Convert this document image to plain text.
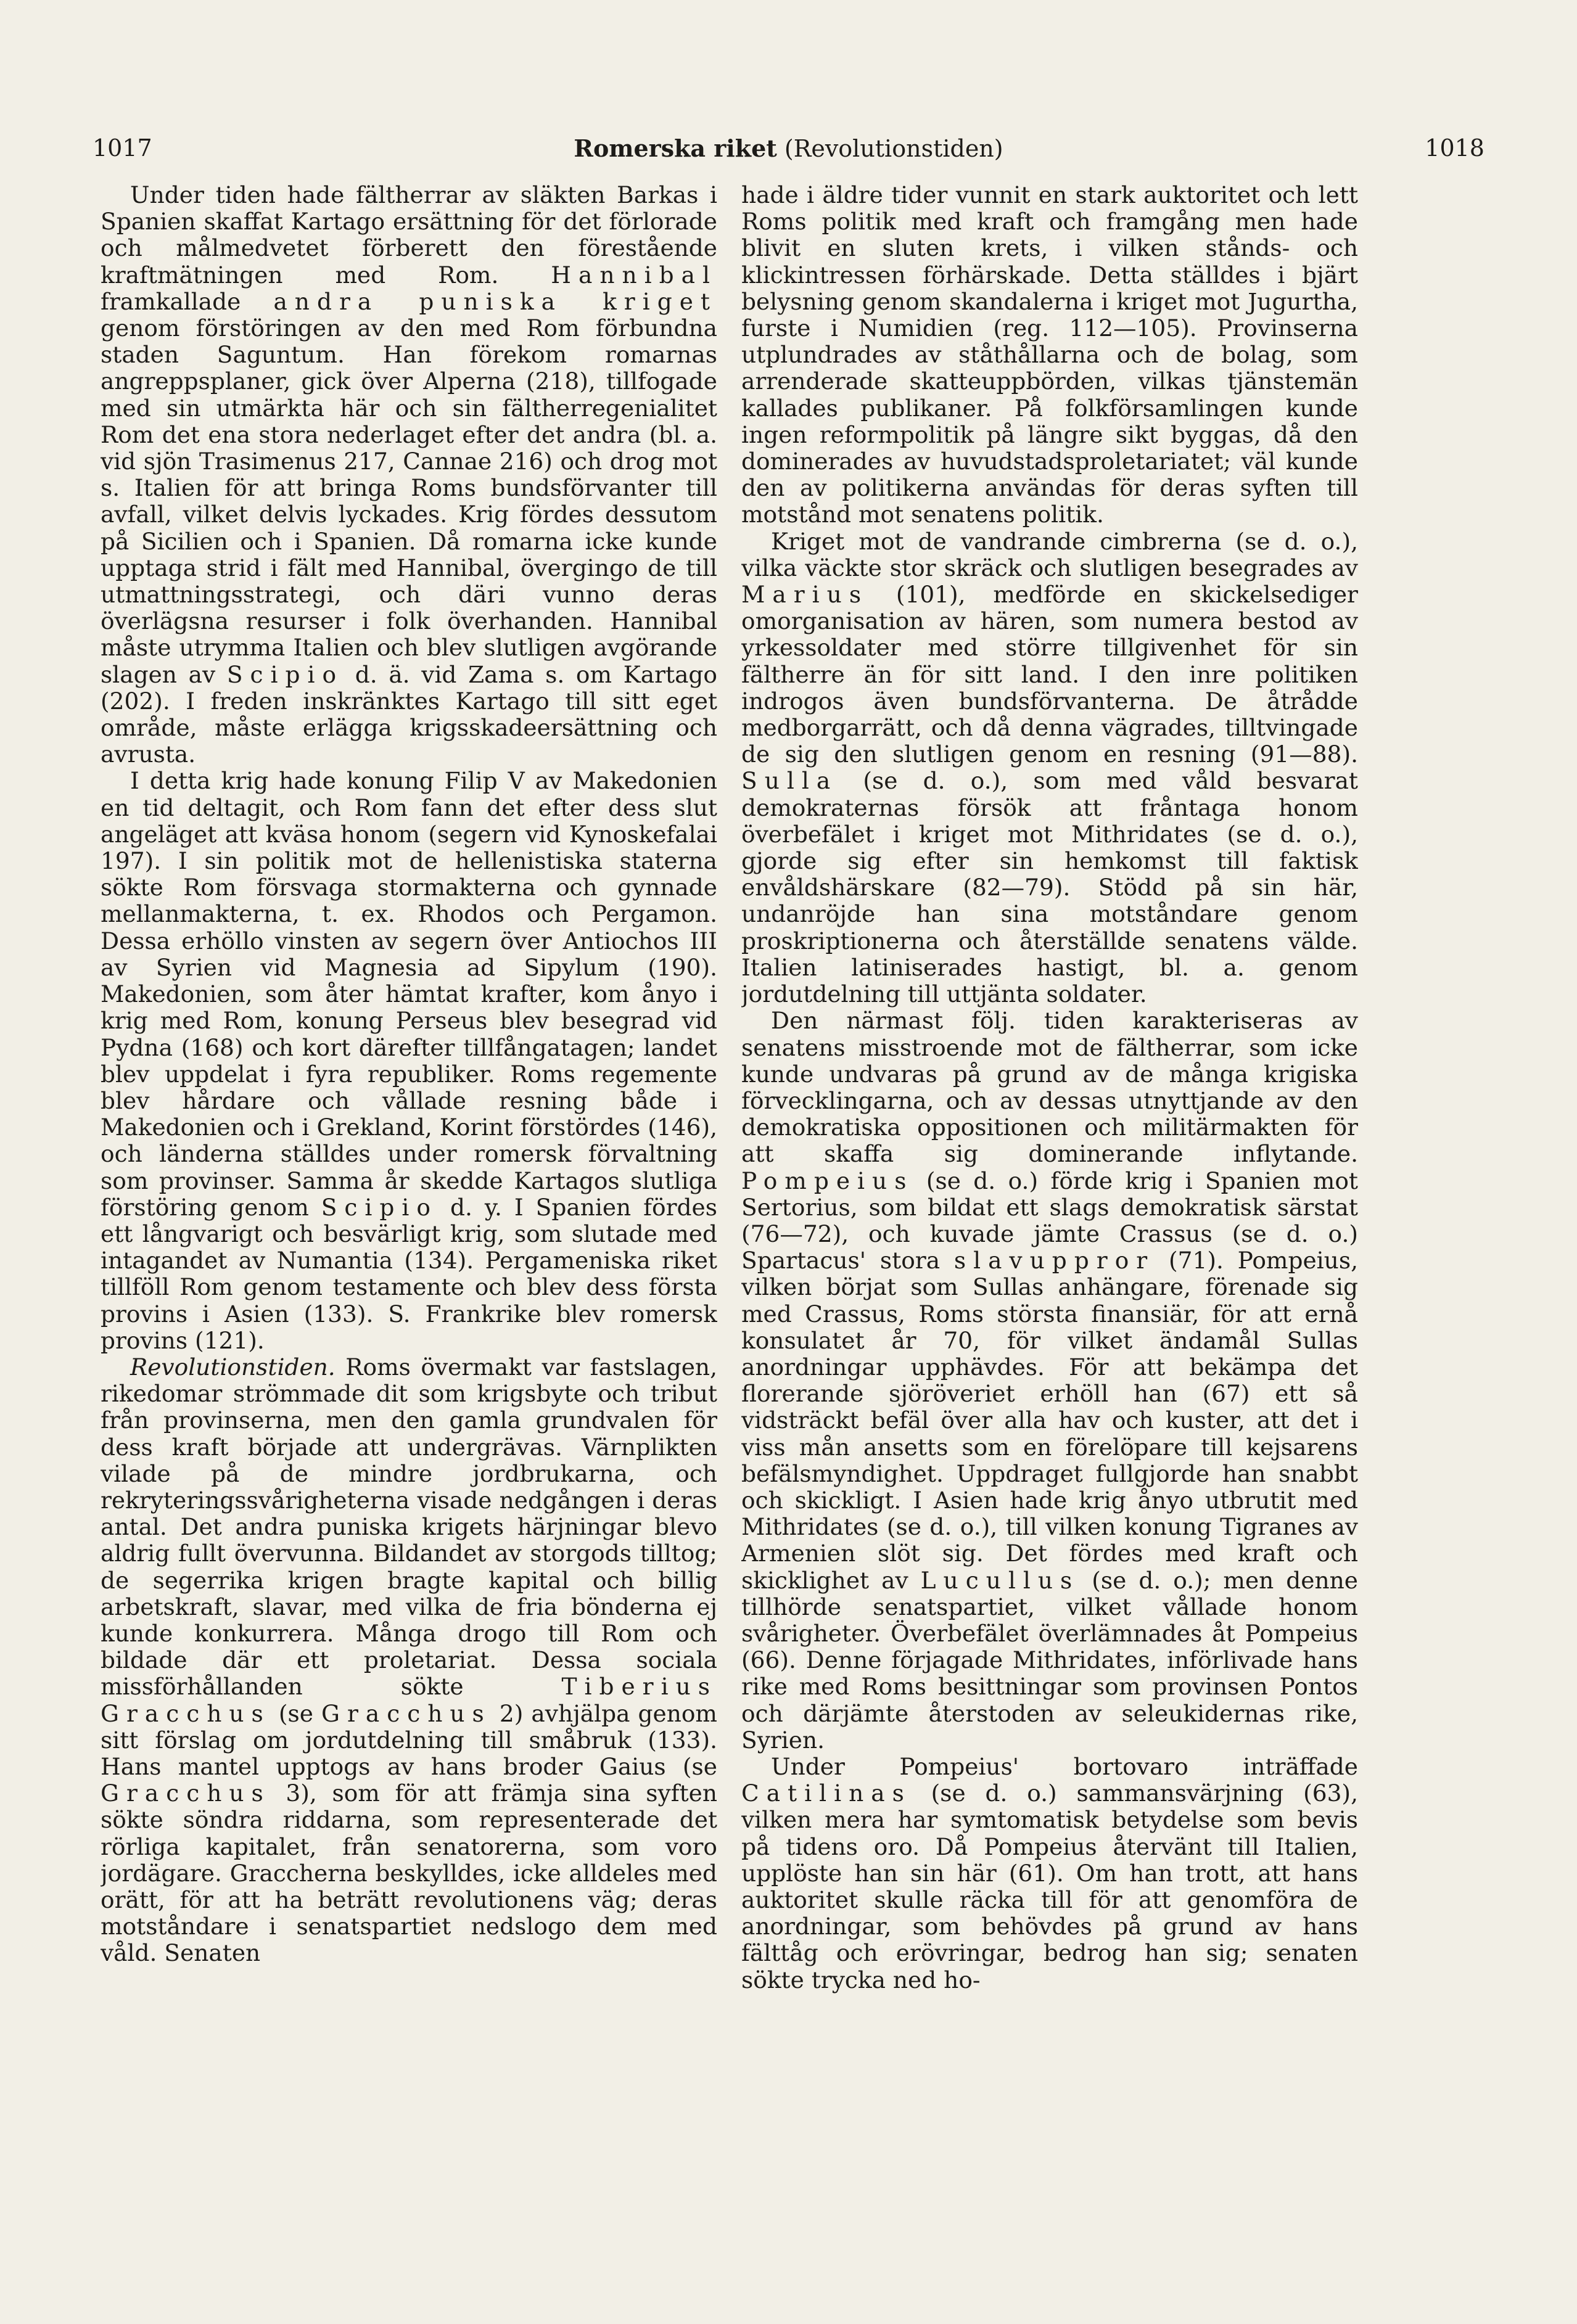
1017	Romerska riket (Revolutionstiden)	1018

Under tiden hade fältherrar av släkten Barkas i Spanien skaffat Kartago ersättning för det förlorade och målmedvetet förberett den förestående kraftmätningen med Rom. Hannibal framkallade andra puniska kriget genom förstöringen av den med Rom förbundna staden Saguntum. Han förekom romarnas angreppsplaner, gick över Alperna (218), tillfogade med sin utmärkta här och sin fältherregenialitet Rom det ena stora nederlaget efter det andra (bl. a. vid sjön Trasimenus 217, Cannae 216) och drog mot s. Italien för att bringa Roms bundsförvanter till avfall, vilket delvis lyckades. Krig fördes dessutom på Sicilien och i Spanien. Då romarna icke kunde upptaga strid i fält med Hannibal, övergingo de till utmattningsstrategi, och däri vunno deras överlägsna resurser i folk överhanden. Hannibal måste utrymma Italien och blev slutligen avgörande slagen av Scipio d. ä. vid Zama s. om Kartago (202). I freden inskränktes Kartago till sitt eget område, måste erlägga krigsskadeersättning och avrusta.

I detta krig hade konung Filip V av Makedonien en tid deltagit, och Rom fann det efter dess slut angeläget att kväsa honom (segern vid Kynoskefalai 197). I sin politik mot de hellenistiska staterna sökte Rom försvaga stormakterna och gynnade mellanmakterna, t. ex. Rhodos och Pergamon. Dessa erhöllo vinsten av segern över Antiochos III av Syrien vid Magnesia ad Sipylum (190). Makedonien, som åter hämtat krafter, kom ånyo i krig med Rom, konung Perseus blev besegrad vid Pydna (168) och kort därefter tillfångatagen; landet blev uppdelat i fyra republiker. Roms regemente blev hårdare och vållade resning både i Makedonien och i Grekland, Korint förstördes (146), och länderna ställdes under romersk förvaltning som provinser. Samma år skedde Kartagos slutliga förstöring genom Scipio d. y. I Spanien fördes ett långvarigt och besvärligt krig, som slutade med intagandet av Numantia (134). Pergameniska riket tillföll Rom genom testamente och blev dess första provins i Asien (133). S. Frankrike blev romersk provins (121).

Revolutionstiden. Roms övermakt var fastslagen, rikedomar strömmade dit som krigsbyte och tribut från provinserna, men den gamla grundvalen för dess kraft började att undergrävas. Värnplikten vilade på de mindre jordbrukarna, och rekryteringssvårigheterna visade nedgången i deras antal. Det andra puniska krigets härjningar blevo aldrig fullt övervunna. Bildandet av storgods tilltog; de segerrika krigen bragte kapital och billig arbetskraft, slavar, med vilka de fria bönderna ej kunde konkurrera. Många drogo till Rom och bildade där ett proletariat. Dessa sociala missförhållanden sökte Tiberius Gracchus (se Gracchus 2) avhjälpa genom sitt förslag om jordutdelning till småbruk (133). Hans mantel upptogs av hans broder Gaius (se Gracchus 3), som för att främja sina syften sökte söndra riddarna, som representerade det rörliga kapitalet, från senatorerna, som voro jordägare. Graccherna beskylldes, icke alldeles med orätt, för att ha beträtt revolutionens väg; deras motståndare i senatspartiet nedslogo dem med våld. Senaten

hade i äldre tider vunnit en stark auktoritet och lett Roms politik med kraft och framgång men hade blivit en sluten krets, i vilken stånds- och klickintressen förhärskade. Detta ställdes i bjärt belysning genom skandalerna i kriget mot Jugurtha, furste i Numidien (reg. 112—105). Provinserna utplundrades av ståthållarna och de bolag, som arrenderade skatteuppbörden, vilkas tjänstemän kallades publikaner. På folkförsamlingen kunde ingen reformpolitik på längre sikt byggas, då den dominerades av huvudstadsproletariatet; väl kunde den av politikerna användas för deras syften till motstånd mot senatens politik.

Kriget mot de vandrande cimbrerna (se d. o.), vilka väckte stor skräck och slutligen besegrades av Marius (101), medförde en skickelsediger omorganisation av hären, som numera bestod av yrkessoldater med större tillgivenhet för sin fältherre än för sitt land. I den inre politiken indrogos även bundsförvanterna. De åtrådde medborgarrätt, och då denna vägrades, tilltvingade de sig den slutligen genom en resning (91—88). Sulla (se d. o.), som med våld besvarat demokraternas försök att fråntaga honom överbefälet i kriget mot Mithridates (se d. o.), gjorde sig efter sin hemkomst till faktisk envåldshärskare (82—79). Stödd på sin här, undanröjde han sina motståndare genom proskriptionerna och återställde senatens välde. Italien latiniserades hastigt, bl. a. genom jordutdelning till uttjänta soldater.

Den närmast följ. tiden karakteriseras av senatens misstroende mot de fältherrar, som icke kunde undvaras på grund av de många krigiska förvecklingarna, och av dessas utnyttjande av den demokratiska oppositionen och militärmakten för att skaffa sig dominerande inflytande. Pompeius (se d. o.) förde krig i Spanien mot Sertorius, som bildat ett slags demokratisk särstat (76—72), och kuvade jämte Crassus (se d. o.) Spartacus' stora slavuppror (71). Pompeius, vilken börjat som Sullas anhängare, förenade sig med Crassus, Roms största finansiär, för att ernå konsulatet år 70, för vilket ändamål Sullas anordningar upphävdes. För att bekämpa det florerande sjöröveriet erhöll han (67) ett så vidsträckt befäl över alla hav och kuster, att det i viss mån ansetts som en förelöpare till kejsarens befälsmyndighet. Uppdraget fullgjorde han snabbt och skickligt. I Asien hade krig ånyo utbrutit med Mithridates (se d. o.), till vilken konung Tigranes av Armenien slöt sig. Det fördes med kraft och skicklighet av Lucullus (se d. o.); men denne tillhörde senatspartiet, vilket vållade honom svårigheter. Överbefälet överlämnades åt Pompeius (66). Denne förjagade Mithridates, införlivade hans rike med Roms besittningar som provinsen Pontos och därjämte återstoden av seleukidernas rike, Syrien.

Under Pompeius' bortovaro inträffade Catilinas (se d. o.) sammansvärjning (63), vilken mera har symtomatisk betydelse som bevis på tidens oro. Då Pompeius återvänt till Italien, upplöste han sin här (61). Om han trott, att hans auktoritet skulle räcka till för att genomföra de anordningar, som behövdes på grund av hans fälttåg och erövringar, bedrog han sig; senaten sökte trycka ned ho-
